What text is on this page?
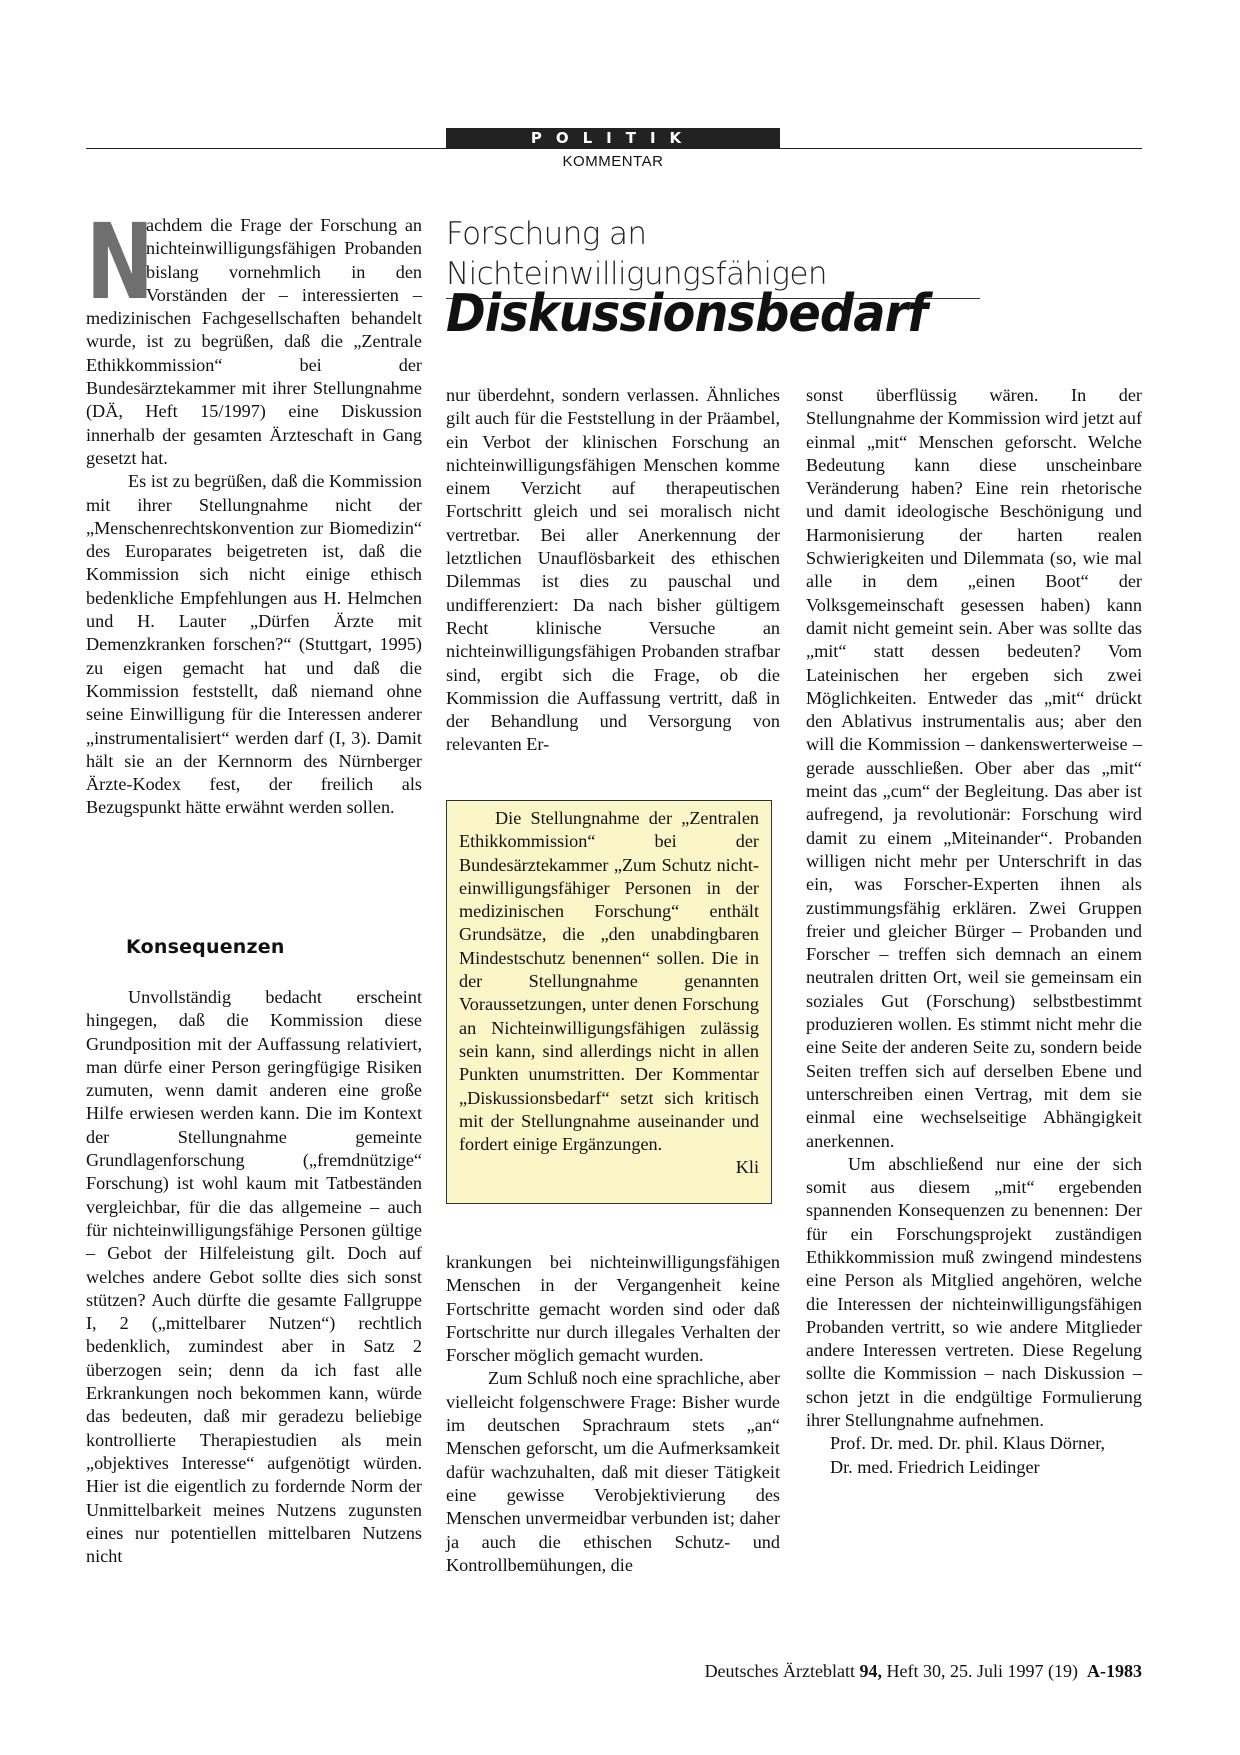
POLITIK
KOMMENTAR
Forschung an Nichteinwilligungsfähigen
Diskussionsbedarf

N
achdem die Frage der Forschung an nichteinwilligungsfähigen Probanden bislang vornehmlich in den Vorständen der – interessierten – medizinischen Fachgesellschaften behandelt wurde, ist zu begrüßen, daß die „Zentrale Ethikkommission“ bei der Bundesärztekammer mit ihrer Stellungnahme (DÄ, Heft 15/1997) eine Diskussion innerhalb der gesamten Ärzteschaft in Gang gesetzt hat.

Es ist zu begrüßen, daß die Kommission mit ihrer Stellungnahme nicht der „Menschenrechtskonvention zur Biomedizin“ des Europarates beigetreten ist, daß die Kommission sich nicht einige ethisch bedenkliche Empfehlungen aus H. Helmchen und H. Lauter „Dürfen Ärzte mit Demenzkranken forschen?“ (Stuttgart, 1995) zu eigen gemacht hat und daß die Kommission feststellt, daß niemand ohne seine Einwilligung für die Interessen anderer „instrumentalisiert“ werden darf (I, 3). Damit hält sie an der Kernnorm des Nürnberger Ärzte-Kodex fest, der freilich als Bezugspunkt hätte erwähnt werden sollen.

Konsequenzen

Unvollständig bedacht erscheint hingegen, daß die Kommission diese Grundposition mit der Auffassung relativiert, man dürfe einer Person geringfügige Risiken zumuten, wenn damit anderen eine große Hilfe erwiesen werden kann. Die im Kontext der Stellungnahme gemeinte Grundlagenforschung („fremdnützige“ Forschung) ist wohl kaum mit Tatbeständen vergleichbar, für die das allgemeine – auch für nichteinwilligungsfähige Personen gültige – Gebot der Hilfeleistung gilt. Doch auf welches andere Gebot sollte dies sich sonst stützen? Auch dürfte die gesamte Fallgruppe I, 2 („mittelbarer Nutzen“) rechtlich bedenklich, zumindest aber in Satz 2 überzogen sein; denn da ich fast alle Erkrankungen noch bekommen kann, würde das bedeuten, daß mir geradezu beliebige kontrollierte Therapiestudien als mein „objektives Interesse“ aufgenötigt würden. Hier ist die eigentlich zu fordernde Norm der Unmittelbarkeit meines Nutzens zugunsten eines nur potentiellen mittelbaren Nutzens nicht

nur überdehnt, sondern verlassen. Ähnliches gilt auch für die Feststellung in der Präambel, ein Verbot der klinischen Forschung an nichteinwilligungsfähigen Menschen komme einem Verzicht auf therapeutischen Fortschritt gleich und sei moralisch nicht vertretbar. Bei aller Anerkennung der letztlichen Unauflösbarkeit des ethischen Dilemmas ist dies zu pauschal und undifferenziert: Da nach bisher gültigem Recht klinische Versuche an nichteinwilligungsfähigen Probanden strafbar sind, ergibt sich die Frage, ob die Kommission die Auffassung vertritt, daß in der Behandlung und Versorgung von relevanten Er-

Die Stellungnahme der „Zentralen Ethikkommission“ bei der Bundesärztekammer „Zum Schutz nicht-einwilligungsfähiger Personen in der medizinischen Forschung“ enthält Grundsätze, die „den unabdingbaren Mindestschutz benennen“ sollen. Die in der Stellungnahme genannten Voraussetzungen, unter denen Forschung an Nichteinwilligungsfähigen zulässig sein kann, sind allerdings nicht in allen Punkten unumstritten. Der Kommentar „Diskussionsbedarf“ setzt sich kritisch mit der Stellungnahme auseinander und fordert einige Ergänzungen.

Kli

krankungen bei nichteinwilligungsfähigen Menschen in der Vergangenheit keine Fortschritte gemacht worden sind oder daß Fortschritte nur durch illegales Verhalten der Forscher möglich gemacht wurden.

Zum Schluß noch eine sprachliche, aber vielleicht folgenschwere Frage: Bisher wurde im deutschen Sprachraum stets „an“ Menschen geforscht, um die Aufmerksamkeit dafür wachzuhalten, daß mit dieser Tätigkeit eine gewisse Verobjektivierung des Menschen unvermeidbar verbunden ist; daher ja auch die ethischen Schutz- und Kontrollbemühungen, die

sonst überflüssig wären. In der Stellungnahme der Kommission wird jetzt auf einmal „mit“ Menschen geforscht. Welche Bedeutung kann diese unscheinbare Veränderung haben? Eine rein rhetorische und damit ideologische Beschönigung und Harmonisierung der harten realen Schwierigkeiten und Dilemmata (so, wie mal alle in dem „einen Boot“ der Volksgemeinschaft gesessen haben) kann damit nicht gemeint sein. Aber was sollte das „mit“ statt dessen bedeuten? Vom Lateinischen her ergeben sich zwei Möglichkeiten. Entweder das „mit“ drückt den Ablativus instrumentalis aus; aber den will die Kommission – dankenswerterweise – gerade ausschließen. Ober aber das „mit“ meint das „cum“ der Begleitung. Das aber ist aufregend, ja revolutionär: Forschung wird damit zu einem „Miteinander“. Probanden willigen nicht mehr per Unterschrift in das ein, was Forscher-Experten ihnen als zustimmungsfähig erklären. Zwei Gruppen freier und gleicher Bürger – Probanden und Forscher – treffen sich demnach an einem neutralen dritten Ort, weil sie gemeinsam ein soziales Gut (Forschung) selbstbestimmt produzieren wollen. Es stimmt nicht mehr die eine Seite der anderen Seite zu, sondern beide Seiten treffen sich auf derselben Ebene und unterschreiben einen Vertrag, mit dem sie einmal eine wechselseitige Abhängigkeit anerkennen.

Um abschließend nur eine der sich somit aus diesem „mit“ ergebenden spannenden Konsequenzen zu benennen: Der für ein Forschungsprojekt zuständigen Ethikkommission muß zwingend mindestens eine Person als Mitglied angehören, welche die Interessen der nichteinwilligungsfähigen Probanden vertritt, so wie andere Mitglieder andere Interessen vertreten. Diese Regelung sollte die Kommission – nach Diskussion – schon jetzt in die endgültige Formulierung ihrer Stellungnahme aufnehmen.

Prof. Dr. med. Dr. phil. Klaus Dörner,
Dr. med. Friedrich Leidinger
Deutsches Ärzteblatt 94, Heft 30, 25. Juli 1997 (19) A-1983
